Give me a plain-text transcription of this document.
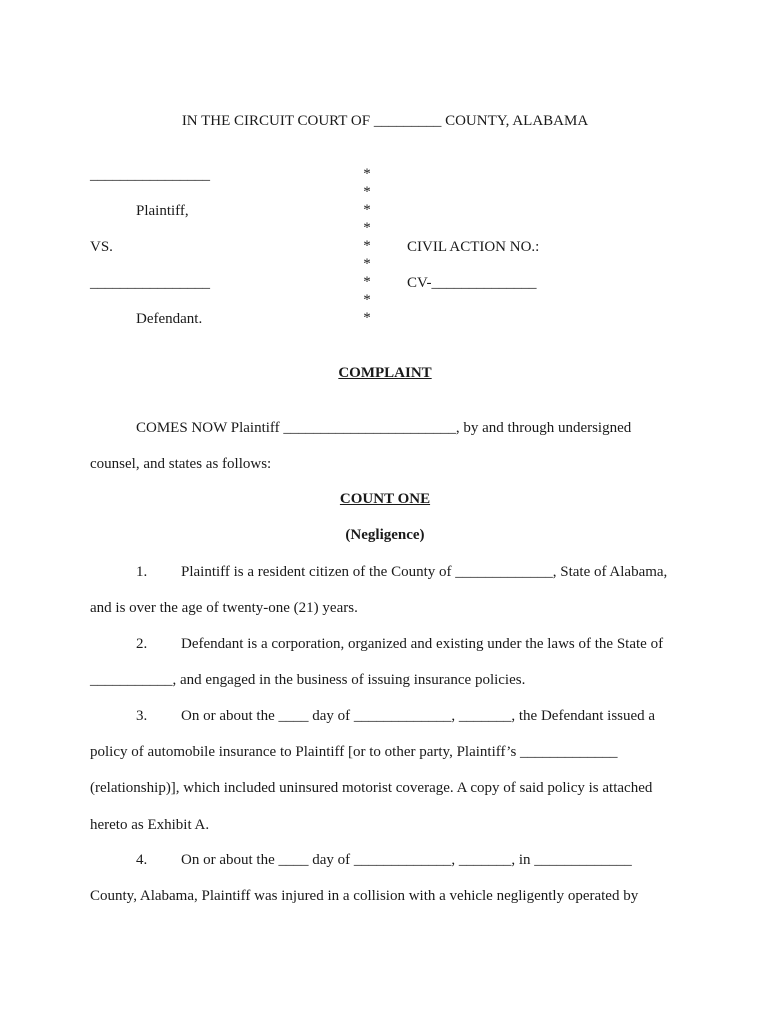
IN THE CIRCUIT COURT OF _________ COUNTY, ALABAMA
________________
Plaintiff,
VS.
________________
Defendant.
*
*
*
*
*
*
*
*
*
CIVIL ACTION NO.:
CV-______________
COMPLAINT
COMES NOW Plaintiff _______________________, by and through undersigned
counsel, and states as follows:
COUNT ONE
(Negligence)
1. Plaintiff is a resident citizen of the County of _____________, State of Alabama,
and is over the age of twenty-one (21) years.
2. Defendant is a corporation, organized and existing under the laws of the State of
___________, and engaged in the business of issuing insurance policies.
3. On or about the ____ day of _____________, _______, the Defendant issued a
policy of automobile insurance to Plaintiff [or to other party, Plaintiff’s _____________
(relationship)], which included uninsured motorist coverage. A copy of said policy is attached
hereto as Exhibit A.
4. On or about the ____ day of _____________, _______, in _____________
County, Alabama, Plaintiff was injured in a collision with a vehicle negligently operated by
